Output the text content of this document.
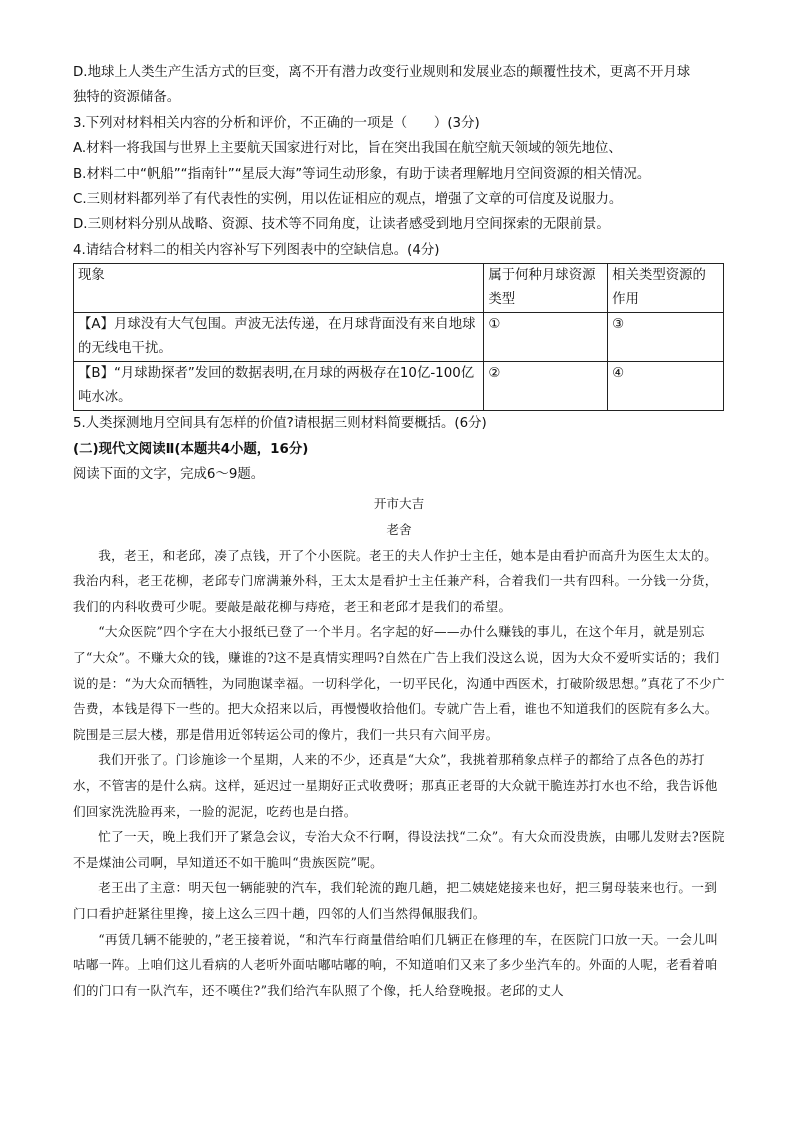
D.地球上人类生产生活方式的巨变，离不开有潜力改变行业规则和发展业态的颠覆性技术，更离不开月球

独特的资源储备。

3.下列对材料相关内容的分析和评价，不正确的一项是（　　）(3分)

A.材料一将我国与世界上主要航天国家进行对比，旨在突出我国在航空航天领域的领先地位、

B.材料二中“帆船”“指南针”“星辰大海”等词生动形象，有助于读者理解地月空间资源的相关情况。

C.三则材料都列举了有代表性的实例，用以佐证相应的观点，增强了文章的可信度及说服力。

D.三则材料分别从战略、资源、技术等不同角度，让读者感受到地月空间探索的无限前景。

4.请结合材料二的相关内容补写下列图表中的空缺信息。(4分)

现象	属于何种月球资源类型	相关类型资源的作用
【A】月球没有大气包围。声波无法传递，在月球背面没有来自地球的无线电干扰。	①	③
【B】“月球勘探者”发回的数据表明,在月球的两极存在10亿-100亿吨水冰。	②	④

5.人类探测地月空间具有怎样的价值?请根据三则材料简要概括。(6分)

(二)现代文阅读Ⅱ(本题共4小题，16分)

阅读下面的文字，完成6～9题。

开市大吉

老舍

我，老王，和老邱，凑了点钱，开了个小医院。老王的夫人作护士主任，她本是由看护而高升为医生太太的。我治内科，老王花柳，老邱专门席满兼外科，王太太是看护士主任兼产科，合着我们一共有四科。一分钱一分货，我们的内科收费可少呢。要敲是敲花柳与痔疮，老王和老邱才是我们的希望。

“大众医院”四个字在大小报纸已登了一个半月。名字起的好——办什么赚钱的事儿，在这个年月，就是别忘了“大众”。不赚大众的钱，赚谁的?这不是真情实理吗?自然在广告上我们没这么说，因为大众不爱听实话的；我们说的是：“为大众而牺牲，为同胞谋幸福。一切科学化，一切平民化，沟通中西医术，打破阶级思想。”真花了不少广告费，本钱是得下一些的。把大众招来以后，再慢慢收拾他们。专就广告上看，谁也不知道我们的医院有多么大。院围是三层大楼，那是借用近邻转运公司的像片，我们一共只有六间平房。

我们开张了。门诊施诊一个星期，人来的不少，还真是“大众”，我挑着那稍象点样子的都给了点各色的苏打水，不管害的是什么病。这样，延迟过一星期好正式收费呀；那真正老哥的大众就干脆连苏打水也不给，我告诉他们回家洗洗脸再来，一脸的泥泥，吃药也是白搭。

忙了一天，晚上我们开了紧急会议，专治大众不行啊，得设法找“二众”。有大众而没贵族，由哪儿发财去?医院不是煤油公司啊，早知道还不如干脆叫“贵族医院”呢。

老王出了主意：明天包一辆能驶的汽车，我们轮流的跑几趟，把二姨姥姥接来也好，把三舅母装来也行。一到门口看护赶紧往里搀，接上这么三四十趟，四邻的人们当然得佩服我们。

“再赁几辆不能驶的，”老王接着说，“和汽车行商量借给咱们几辆正在修理的车，在医院门口放一天。一会儿叫咕嘟一阵。上咱们这儿看病的人老听外面咕嘟咕嘟的响，不知道咱们又来了多少坐汽车的。外面的人呢，老看着咱们的门口有一队汽车，还不嘆住?”我们给汽车队照了个像，托人给登晚报。老邱的丈人
